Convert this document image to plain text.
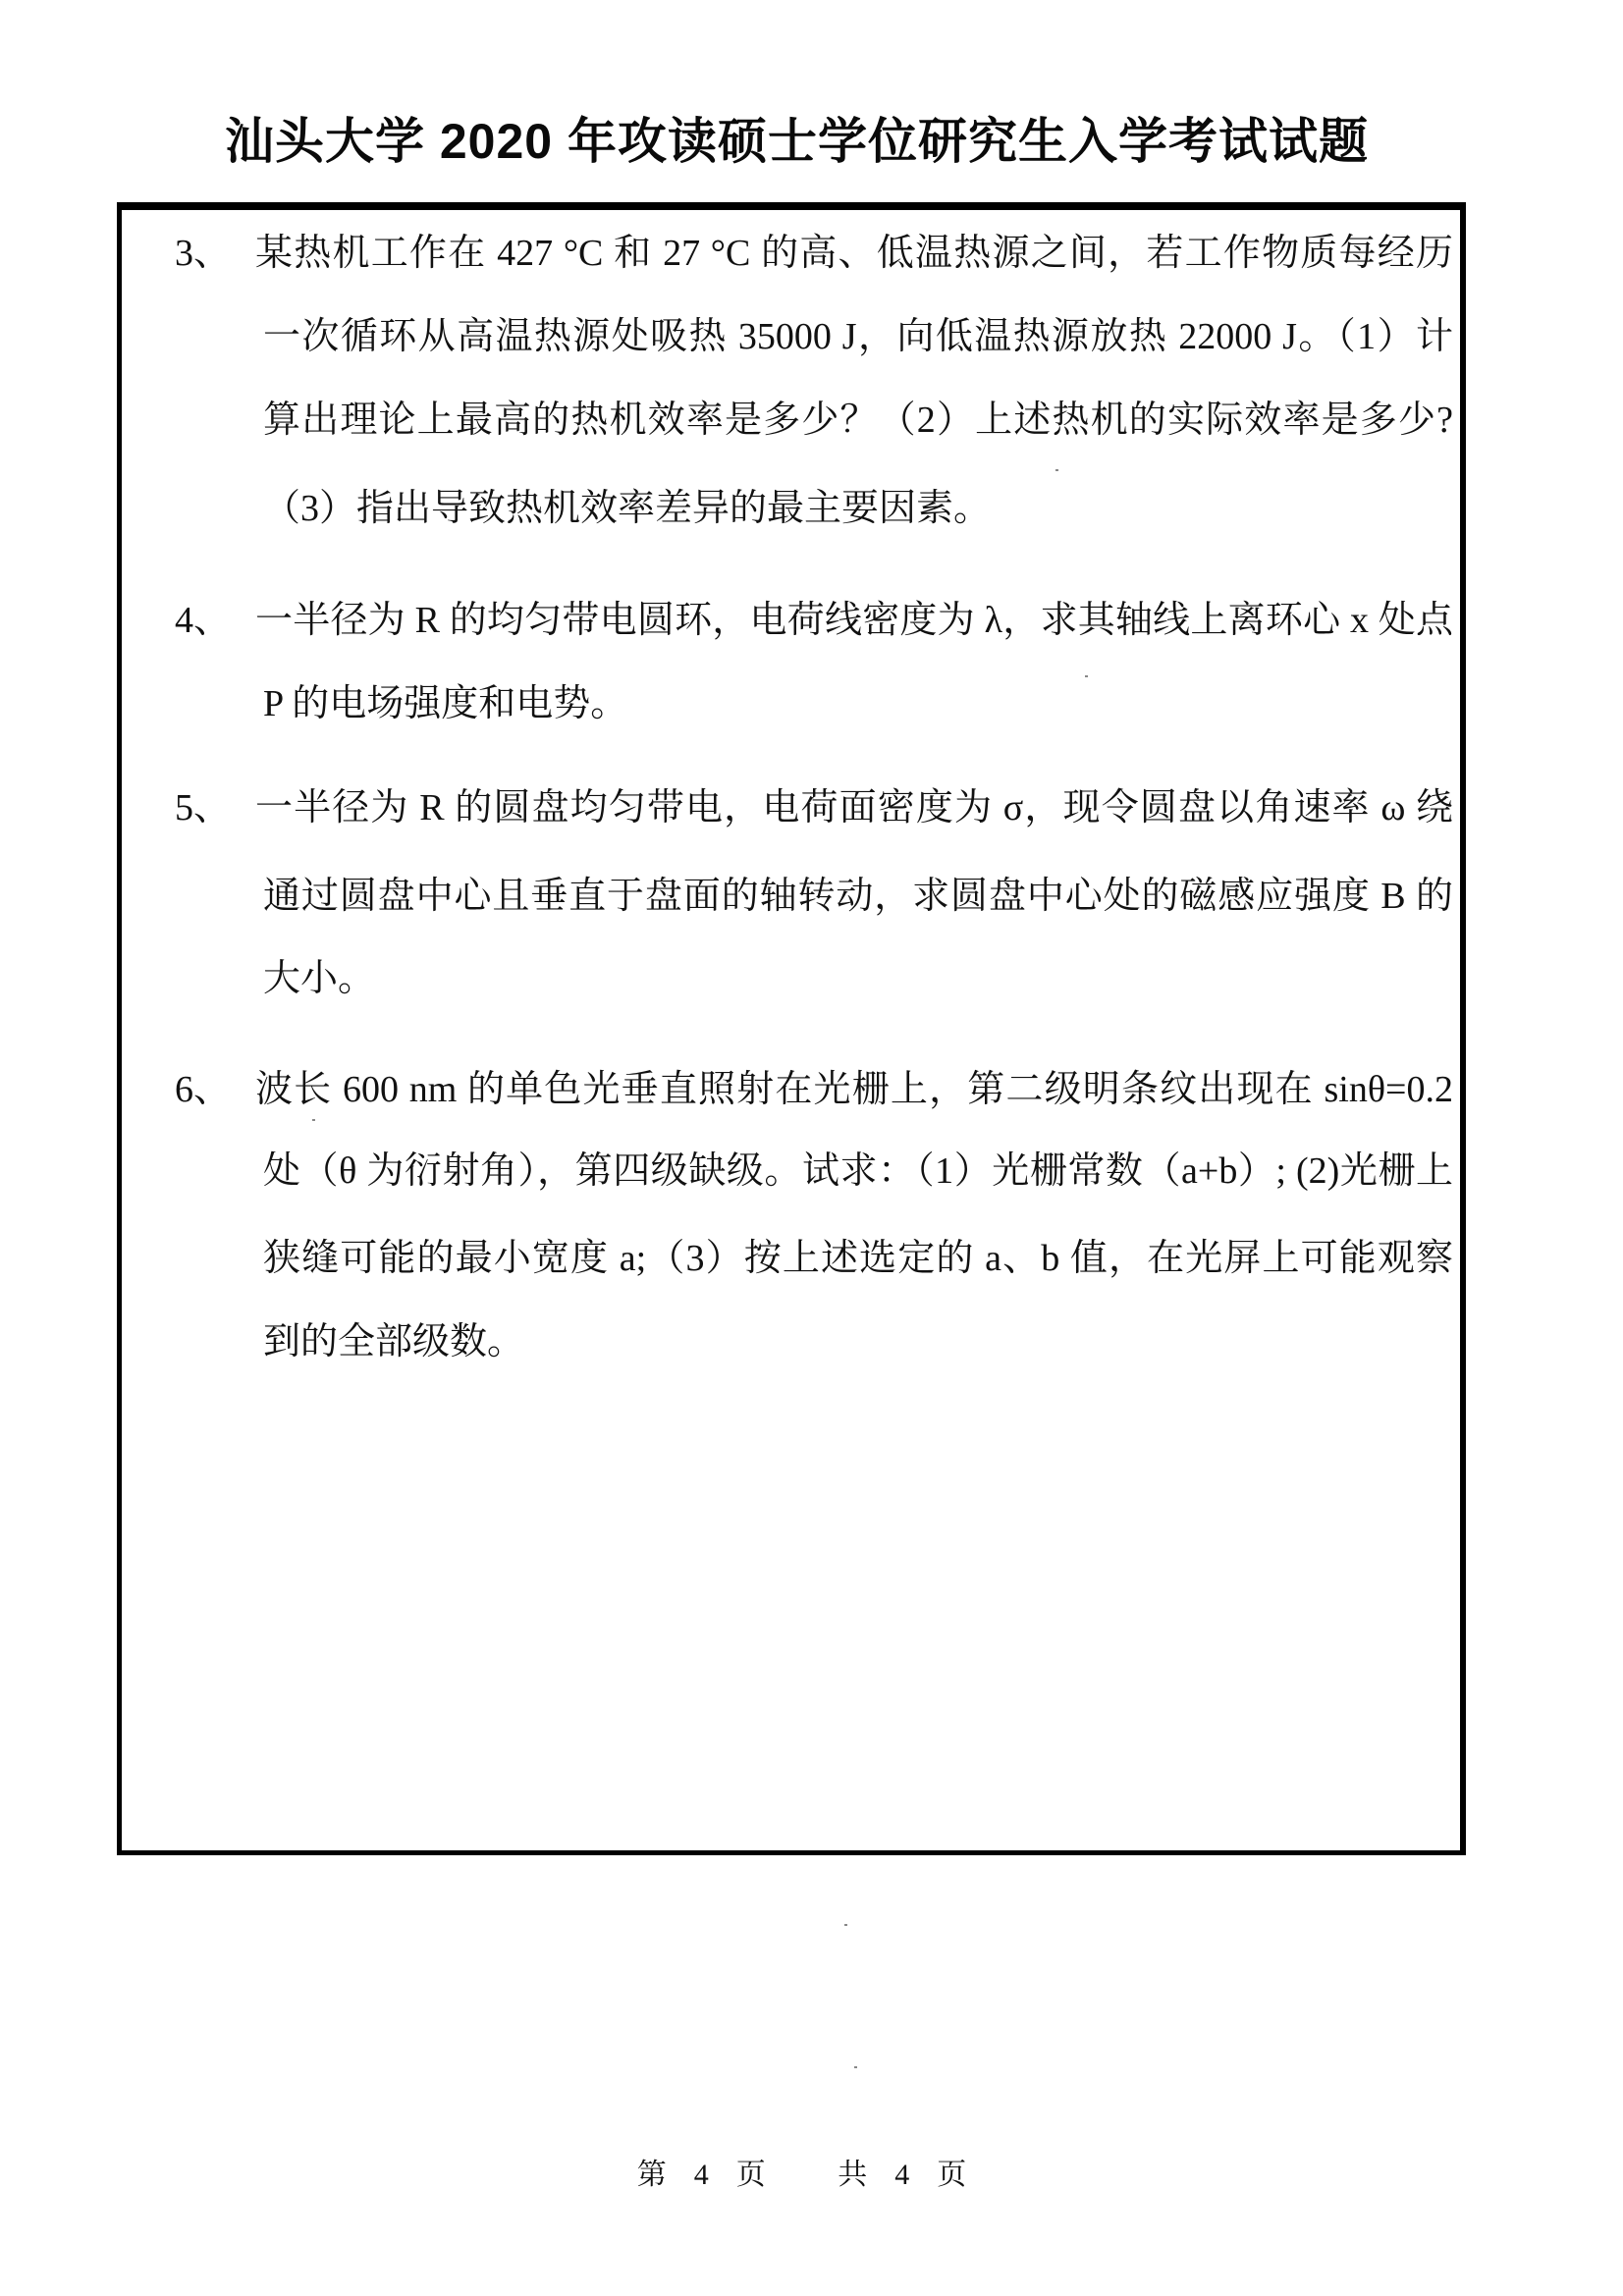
汕头大学 2020 年攻读硕士学位研究生入学考试试题
3、 某热机工作在 427 °C 和 27 °C 的高、低温热源之间，若工作物质每经历
一次循环从高温热源处吸热 35000 J，向低温热源放热 22000 J。（1）计
算出理论上最高的热机效率是多少？（2）上述热机的实际效率是多少?
（3）指出导致热机效率差异的最主要因素。
4、 一半径为 R 的均匀带电圆环，电荷线密度为 λ，求其轴线上离环心 x 处点
P 的电场强度和电势。
5、 一半径为 R 的圆盘均匀带电，电荷面密度为 σ，现令圆盘以角速率 ω 绕
通过圆盘中心且垂直于盘面的轴转动，求圆盘中心处的磁感应强度 B 的
大小。
6、 波长 600 nm 的单色光垂直照射在光栅上，第二级明条纹出现在 sinθ=0.2
处（θ 为衍射角），第四级缺级。试求：（1）光栅常数（a+b）; (2)光栅上
狭缝可能的最小宽度 a;（3）按上述选定的 a、b 值，在光屏上可能观察
到的全部级数。
第 4 页 共 4 页
